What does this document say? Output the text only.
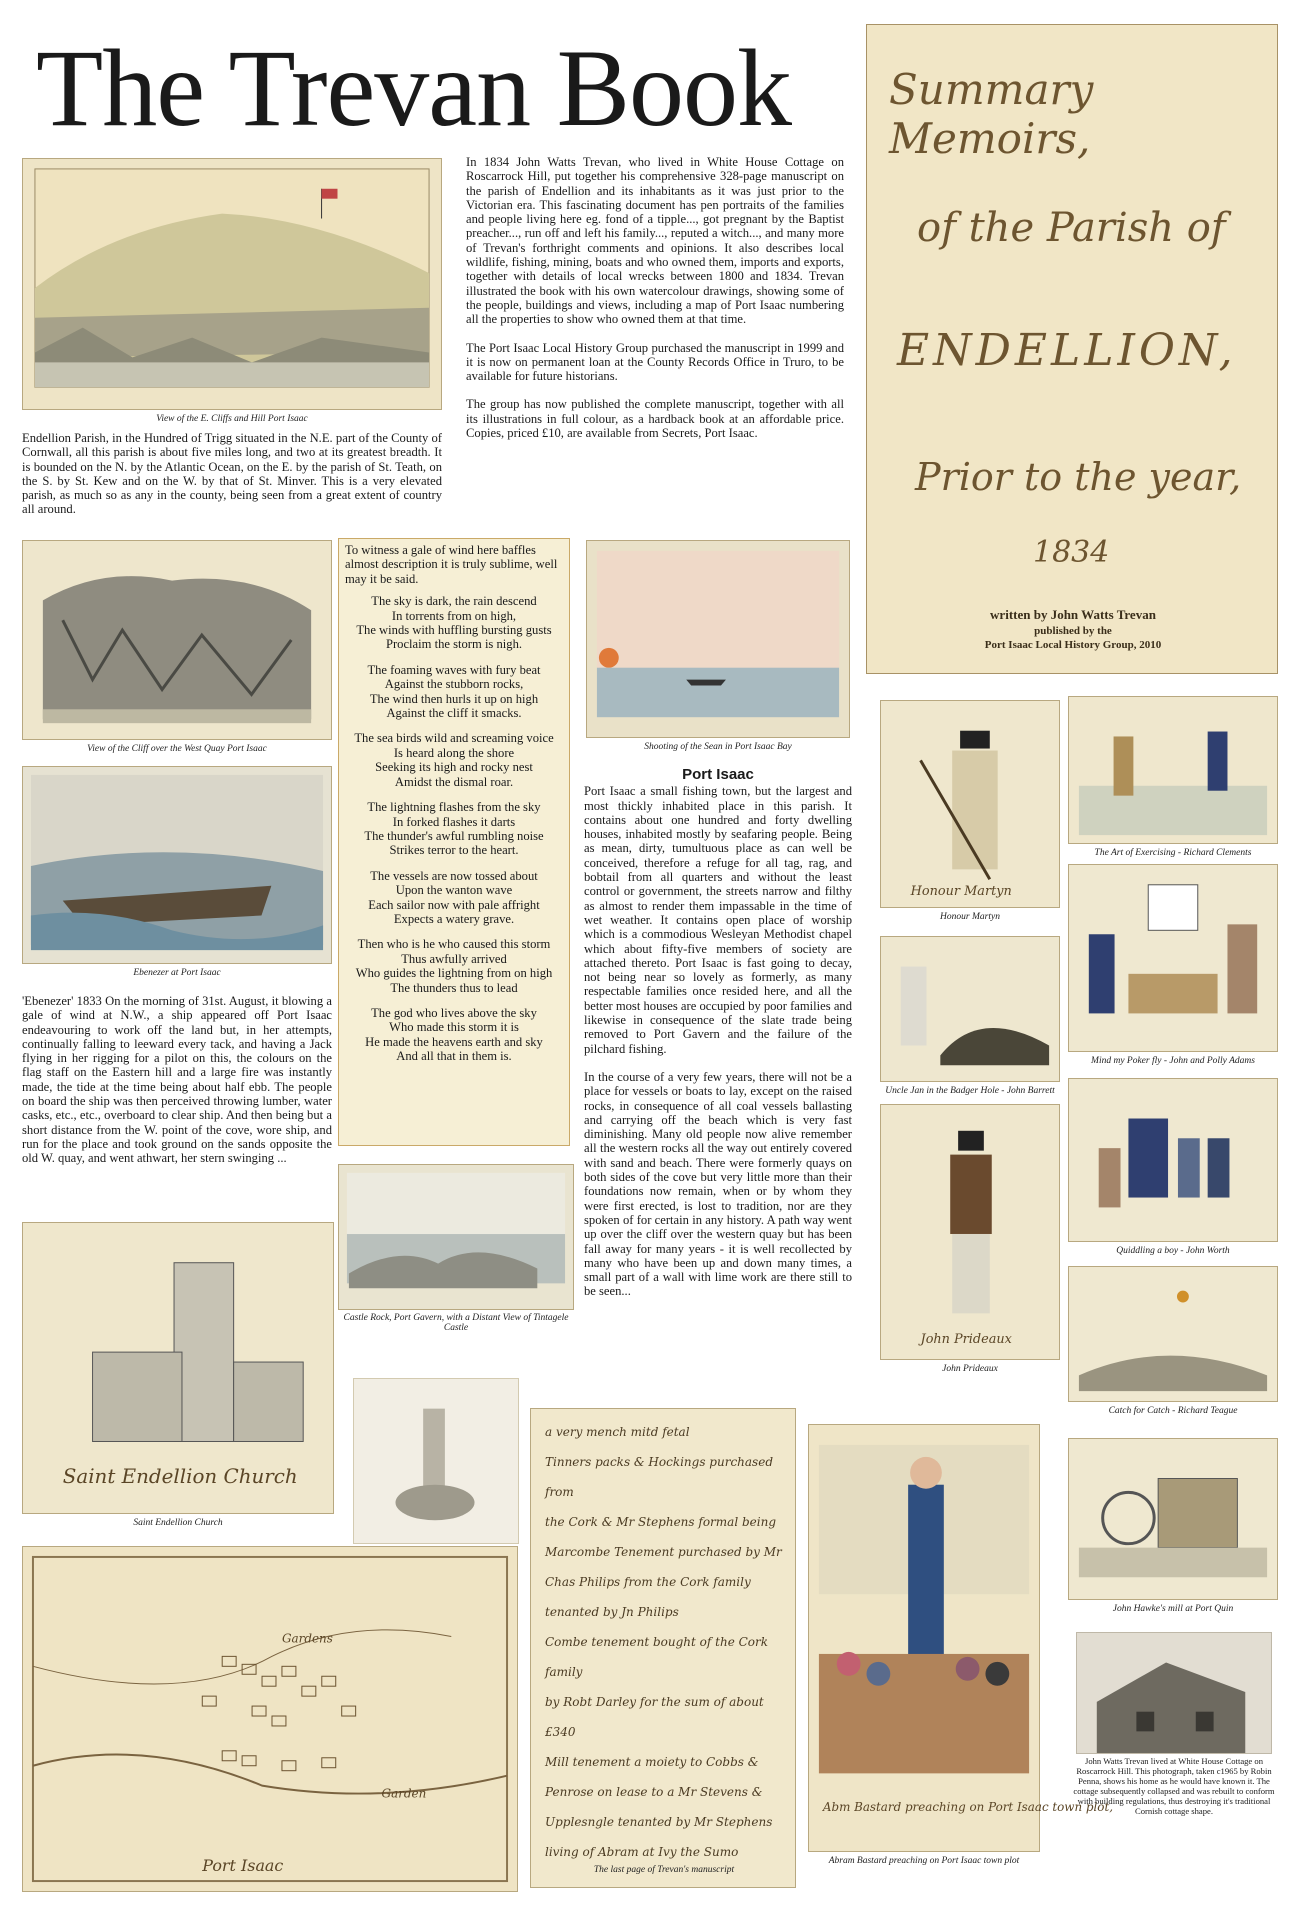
The Trevan Book
View of the E. Cliffs and Hill Port Isaac
Endellion Parish, in the Hundred of Trigg situated in the N.E. part of the County of Cornwall, all this parish is about five miles long, and two at its greatest breadth. It is bounded on the N. by the Atlantic Ocean, on the E. by the parish of St. Teath, on the S. by St. Kew and on the W. by that of St. Minver. This is a very elevated parish, as much so as any in the county, being seen from a great extent of country all around.

In 1834 John Watts Trevan, who lived in White House Cottage on Roscarrock Hill, put together his comprehensive 328-page manuscript on the parish of Endellion and its inhabitants as it was just prior to the Victorian era. This fascinating document has pen portraits of the families and people living here eg. fond of a tipple..., got pregnant by the Baptist preacher..., run off and left his family..., reputed a witch..., and many more of Trevan's forthright comments and opinions. It also describes local wildlife, fishing, mining, boats and who owned them, imports and exports, together with details of local wrecks between 1800 and 1834. Trevan illustrated the book with his own watercolour drawings, showing some of the people, buildings and views, including a map of Port Isaac numbering all the properties to show who owned them at that time.

The Port Isaac Local History Group purchased the manuscript in 1999 and it is now on permanent loan at the County Records Office in Truro, to be available for future historians.

The group has now published the complete manuscript, together with all its illustrations in full colour, as a hardback book at an affordable price. Copies, priced £10, are available from Secrets, Port Isaac.

Summary Memoirs,
of the Parish of
ENDELLION,
Prior to the year,
1834
written by John Watts Trevan
published by the
Port Isaac Local History Group, 2010
View of the Cliff over the West Quay Port Isaac
Ebenezer at Port Isaac
'Ebenezer' 1833 On the morning of 31st. August, it blowing a gale of wind at N.W., a ship appeared off Port Isaac endeavouring to work off the land but, in her attempts, continually falling to leeward every tack, and having a Jack flying in her rigging for a pilot on this, the colours on the flag staff on the Eastern hill and a large fire was instantly made, the tide at the time being about half ebb. The people on board the ship was then perceived throwing lumber, water casks, etc., etc., overboard to clear ship. And then being but a short distance from the W. point of the cove, wore ship, and run for the place and took ground on the sands opposite the old W. quay, and went athwart, her stern swinging ...

To witness a gale of wind here baffles almost description it is truly sublime, well may it be said.

The sky is dark, the rain descend
In torrents from on high,
The winds with huffling bursting gusts
Proclaim the storm is nigh.
The foaming waves with fury beat
Against the stubborn rocks,
The wind then hurls it up on high
Against the cliff it smacks.
The sea birds wild and screaming voice
Is heard along the shore
Seeking its high and rocky nest
Amidst the dismal roar.
The lightning flashes from the sky
In forked flashes it darts
The thunder's awful rumbling noise
Strikes terror to the heart.
The vessels are now tossed about
Upon the wanton wave
Each sailor now with pale affright
Expects a watery grave.
Then who is he who caused this storm
Thus awfully arrived
Who guides the lightning from on high
The thunders thus to lead
The god who lives above the sky
Who made this storm it is
He made the heavens earth and sky
And all that in them is.
Shooting of the Sean in Port Isaac Bay
Port Isaac

Port Isaac a small fishing town, but the largest and most thickly inhabited place in this parish. It contains about one hundred and forty dwelling houses, inhabited mostly by seafaring people. Being as mean, dirty, tumultuous place as can well be conceived, therefore a refuge for all tag, rag, and bobtail from all quarters and without the least control or government, the streets narrow and filthy as almost to render them impassable in the time of wet weather. It contains open place of worship which is a commodious Wesleyan Methodist chapel which about fifty-five members of society are attached thereto. Port Isaac is fast going to decay, not being near so lovely as formerly, as many respectable families once resided here, and all the better most houses are occupied by poor families and likewise in consequence of the slate trade being removed to Port Gavern and the failure of the pilchard fishing.

In the course of a very few years, there will not be a place for vessels or boats to lay, except on the raised rocks, in consequence of all coal vessels ballasting and carrying off the beach which is very fast diminishing. Many old people now alive remember all the western rocks all the way out entirely covered with sand and beach. There were formerly quays on both sides of the cove but very little more than their foundations now remain, when or by whom they were first erected, is lost to tradition, nor are they spoken of for certain in any history. A path way went up over the cliff over the western quay but has been fall away for many years - it is well recollected by many who have been up and down many times, a small part of a wall with lime work are there still to be seen...

Castle Rock, Port Gavern, with a Distant View of Tintagele Castle
Saint Endellion Church
Saint Endellion Church
Gardens
Garden
Port Isaac
a very mench mitd fetal
Tinners packs & Hockings purchased from
the Cork & Mr Stephens formal being
Marcombe Tenement purchased by Mr
Chas Philips from the Cork family
tenanted by Jn Philips
Combe tenement bought of the Cork family
by Robt Darley for the sum of about
£340
Mill tenement a moiety to Cobbs &
Penrose on lease to a Mr Stevens &
Upplesngle tenanted by Mr Stephens
living of Abram at Ivy the Sumo
The last page of Trevan's manuscript
Abm Bastard preaching on Port Isaac town plot,
Abram Bastard preaching on Port Isaac town plot
Honour Martyn
Honour Martyn
The Art of Exercising - Richard Clements
Uncle Jan in the Badger Hole - John Barrett
Mind my Poker fly - John and Polly Adams
John Prideaux
John Prideaux
Quiddling a boy - John Worth
Catch for Catch - Richard Teague
John Hawke's mill at Port Quin
John Watts Trevan lived at White House Cottage on Roscarrock Hill. This photograph, taken c1965 by Robin Penna, shows his home as he would have known it. The cottage subsequently collapsed and was rebuilt to conform with building regulations, thus destroying it's traditional Cornish cottage shape.
